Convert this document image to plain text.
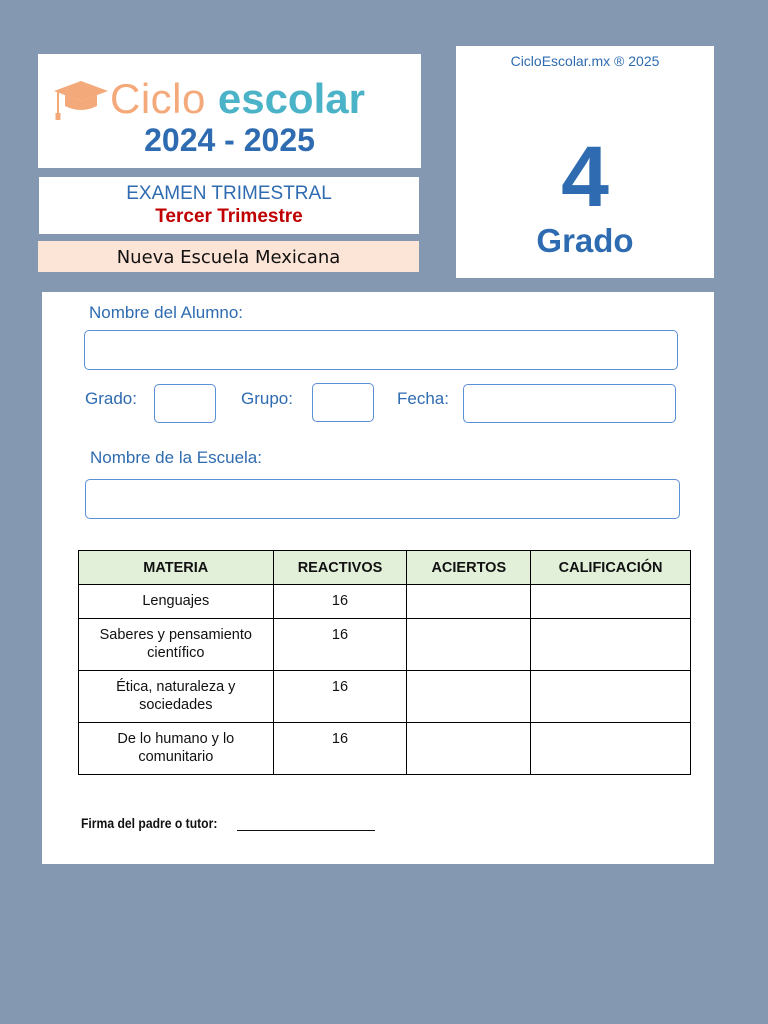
Ciclo escolar
2024 - 2025
EXAMEN TRIMESTRAL
Tercer Trimestre
Nueva Escuela Mexicana
CicloEscolar.mx ® 2025
4
Grado
Nombre del Alumno:
Grado:	Grupo:	Fecha:
Nombre de la Escuela:
MATERIA	REACTIVOS	ACIERTOS	CALIFICACIÓN
Lenguajes	16		
Saberes y pensamiento científico	16		
Ética, naturaleza y sociedades	16		
De lo humano y lo comunitario	16		
Firma del padre o tutor:
